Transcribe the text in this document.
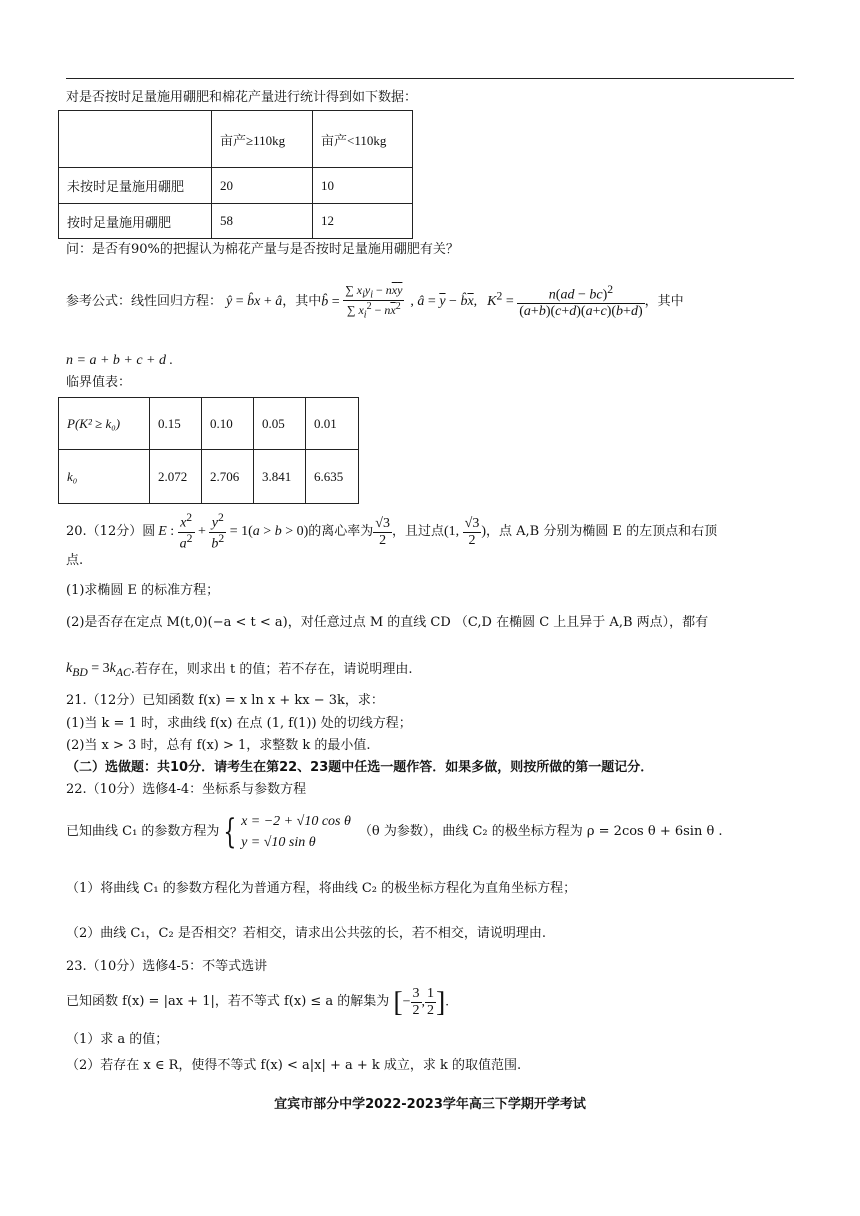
对是否按时足量施用硼肥和棉花产量进行统计得到如下数据：
	亩产≥110kg	亩产<110kg
未按时足量施用硼肥	20	10
按时足量施用硼肥	58	12
问：是否有90%的把握认为棉花产量与是否按时足量施用硼肥有关？
参考公式：线性回归方程： ŷ = b̂x + â ，其中 b̂ = $\frac{\sum x_iy_i - n\overline{x}\overline{y}}{\sum x_i^2 - n\overline{x}^2}$ , â = $\overline{y}$ − $b̂\overline{x}$, $K^2 = \frac{n(ad - bc)^2}{(a+b)(c+d)(a+c)(b+d)}$ ，其中
n = a + b + c + d .
临界值表：
P(K² ≥ k₀)	0.15	0.10	0.05	0.01
k₀	2.072	2.706	3.841	6.635
20.（12分）圆 E : $\frac{x^2}{a^2} + \frac{y^2}{b^2} = 1(a > b > 0)$ 的离心率为 $\frac{√3}{2}$ ，且过点 (1, $\frac{√3}{2}$ ) ，点 A,B 分别为椭圆 E 的左顶点和右顶
点.
(1)求椭圆 E 的标准方程；
(2)是否存在定点 M(t,0)(−a < t < a)，对任意过点 M 的直线 CD （C,D 在椭圆 C 上且异于 A,B 两点），都有
$k_{BD} = 3k_{AC}$ .若存在，则求出 t 的值；若不存在，请说明理由.
21.（12分）已知函数 f(x) = x ln x + kx − 3k，求：
(1)当 k = 1 时，求曲线 f(x) 在点 (1, f(1)) 处的切线方程；
(2)当 x > 3 时，总有 f(x) > 1，求整数 k 的最小值.
（二）选做题：共10分．请考生在第22、23题中任选一题作答．如果多做，则按所做的第一题记分．
22.（10分）选修4-4：坐标系与参数方程
已知曲线 C₁ 的参数方程为 { x = −2 + √10 cos θ
y = √10 sin θ
（θ 为参数），曲线 C₂ 的极坐标方程为 ρ = 2cos θ + 6sin θ .
（1）将曲线 C₁ 的参数方程化为普通方程，将曲线 C₂ 的极坐标方程化为直角坐标方程；
（2）曲线 C₁，C₂ 是否相交？若相交，请求出公共弦的长，若不相交，请说明理由.
23.（10分）选修4-5：不等式选讲
已知函数 f(x) = |ax + 1|，若不等式 f(x) ≤ a 的解集为 [− $\frac{3}{2}$ , $\frac{1}{2}$ ].
（1）求 a 的值；
（2）若存在 x ∈ R，使得不等式 f(x) < a|x| + a + k 成立，求 k 的取值范围.
宜宾市部分中学2022-2023学年高三下学期开学考试
